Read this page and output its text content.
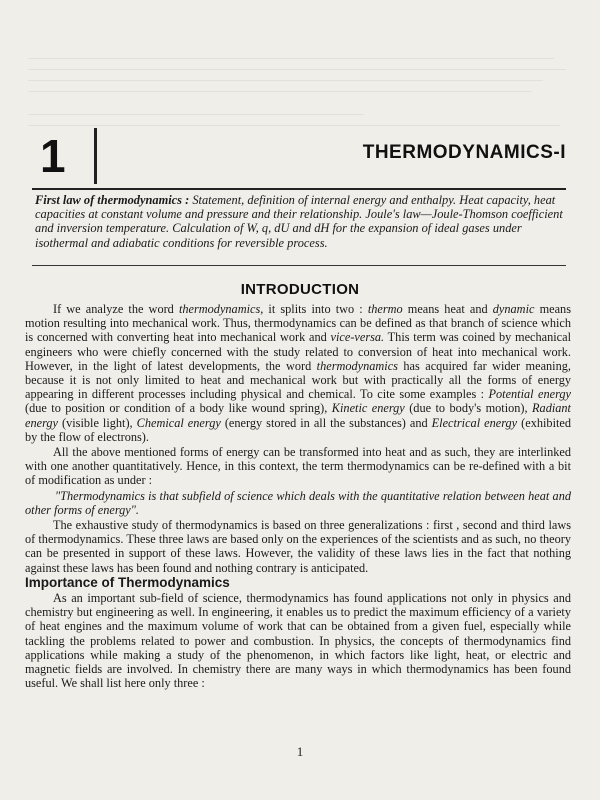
1	THERMODYNAMICS-I
First law of thermodynamics : Statement, definition of internal energy and enthalpy. Heat capacity, heat capacities at constant volume and pressure and their relationship. Joule's law—Joule-Thomson coefficient and inversion temperature. Calculation of W, q, dU and dH for the expansion of ideal gases under isothermal and adiabatic conditions for reversible process.
INTRODUCTION

If we analyze the word thermodynamics, it splits into two : thermo means heat and dynamic means motion resulting into mechanical work. Thus, thermodynamics can be defined as that branch of science which is concerned with converting heat into mechanical work and vice-versa. This term was coined by mechanical engineers who were chiefly concerned with the study related to conversion of heat into mechanical work. However, in the light of latest developments, the word thermodynamics has acquired far wider meaning, because it is not only limited to heat and mechanical work but with practically all the forms of energy appearing in different processes including physical and chemical. To cite some examples : Potential energy (due to position or condition of a body like wound spring), Kinetic energy (due to body's motion), Radiant energy (visible light), Chemical energy (energy stored in all the substances) and Electrical energy (exhibited by the flow of electrons).

All the above mentioned forms of energy can be transformed into heat and as such, they are interlinked with one another quantitatively. Hence, in this context, the term thermodynamics can be re-defined with a bit of modification as under :

"Thermodynamics is that subfield of science which deals with the quantitative relation between heat and other forms of energy".

The exhaustive study of thermodynamics is based on three generalizations : first , second and third laws of thermodynamics. These three laws are based only on the experiences of the scientists and as such, no theory can be presented in support of these laws. However, the validity of these laws lies in the fact that nothing against these laws has been found and nothing contrary is anticipated.

Importance of Thermodynamics

As an important sub-field of science, thermodynamics has found applications not only in physics and chemistry but engineering as well. In engineering, it enables us to predict the maximum efficiency of a variety of heat engines and the maximum volume of work that can be obtained from a given fuel, especially while tackling the problems related to power and combustion. In physics, the concepts of thermodynamics find applications while making a study of the phenomenon, in which factors like light, heat, or electric and magnetic fields are involved. In chemistry there are many ways in which thermodynamics has been found useful. We shall list here only three :

1
